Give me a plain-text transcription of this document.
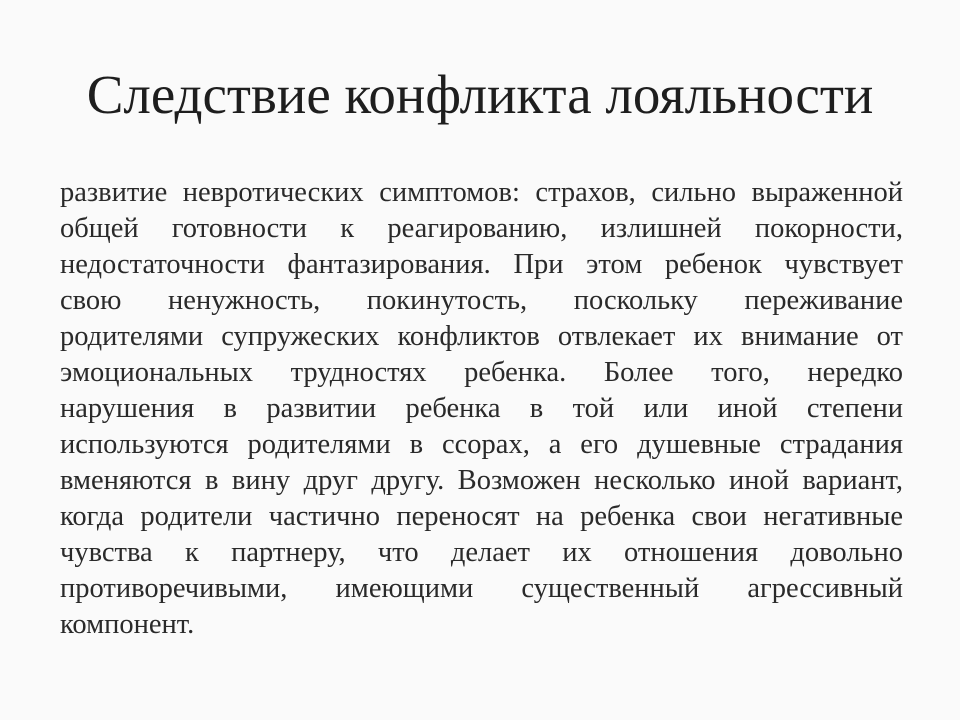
Следствие конфликта лояльности
развитие невротических симптомов: страхов, сильно выраженной
общей готовности к реагированию, излишней покорности,
недостаточности фантазирования. При этом ребенок чувствует
свою ненужность, покинутость, поскольку переживание
родителями супружеских конфликтов отвлекает их внимание от
эмоциональных трудностях ребенка. Более того, нередко
нарушения в развитии ребенка в той или иной степени
используются родителями в ссорах, а его душевные страдания
вменяются в вину друг другу. Возможен несколько иной вариант,
когда родители частично переносят на ребенка свои негативные
чувства к партнеру, что делает их отношения довольно
противоречивыми, имеющими существенный агрессивный
компонент.
